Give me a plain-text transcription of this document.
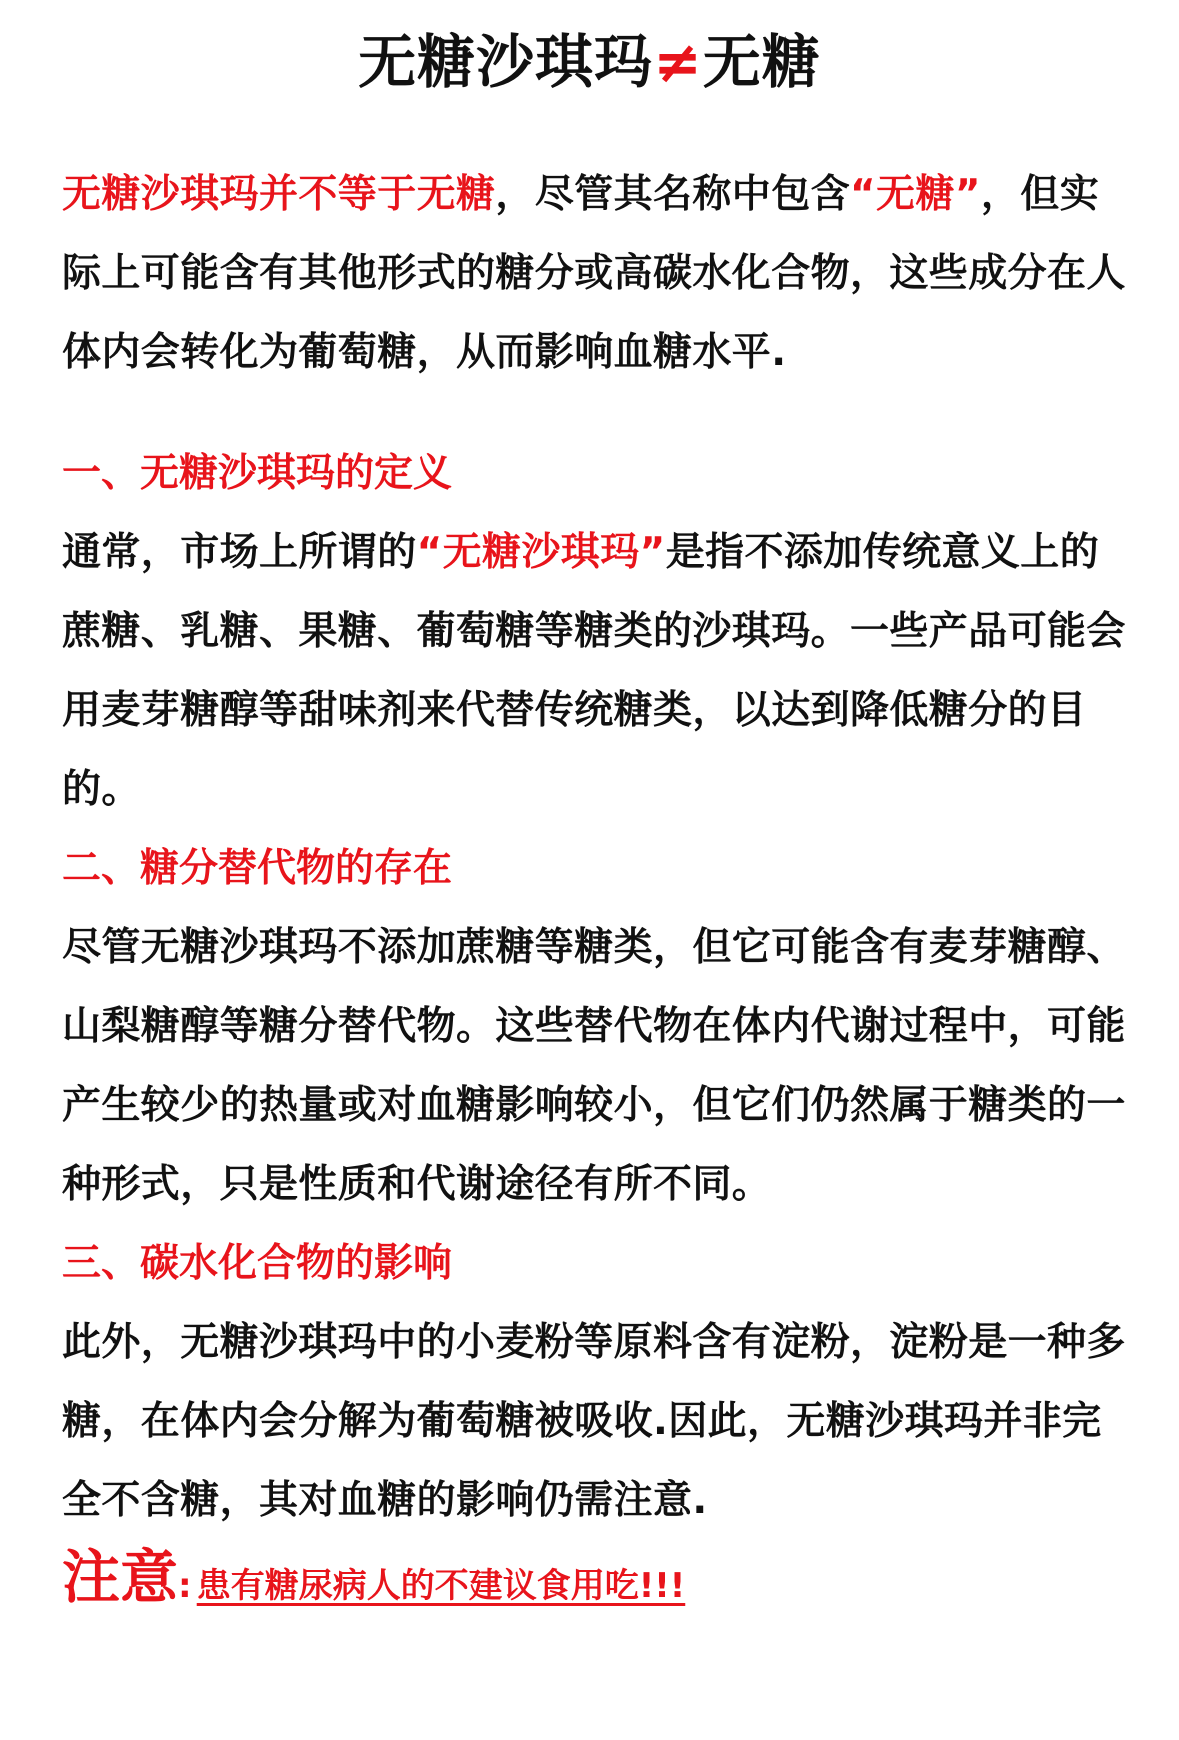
无糖沙琪玛≠无糖

无糖沙琪玛并不等于无糖，尽管其名称中包含“无糖”，但实际上可能含有其他形式的糖分或高碳水化合物，这些成分在人体内会转化为葡萄糖，从而影响血糖水平.

一、无糖沙琪玛的定义

通常，市场上所谓的“无糖沙琪玛”是指不添加传统意义上的蔗糖、乳糖、果糖、葡萄糖等糖类的沙琪玛。一些产品可能会用麦芽糖醇等甜味剂来代替传统糖类，以达到降低糖分的目的。

二、糖分替代物的存在

尽管无糖沙琪玛不添加蔗糖等糖类，但它可能含有麦芽糖醇、山梨糖醇等糖分替代物。这些替代物在体内代谢过程中，可能产生较少的热量或对血糖影响较小，但它们仍然属于糖类的一种形式，只是性质和代谢途径有所不同。

三、碳水化合物的影响

此外，无糖沙琪玛中的小麦粉等原料含有淀粉，淀粉是一种多糖，在体内会分解为葡萄糖被吸收.因此，无糖沙琪玛并非完全不含糖，其对血糖的影响仍需注意.

注意: 患有糖尿病人的不建议食用吃!!!
